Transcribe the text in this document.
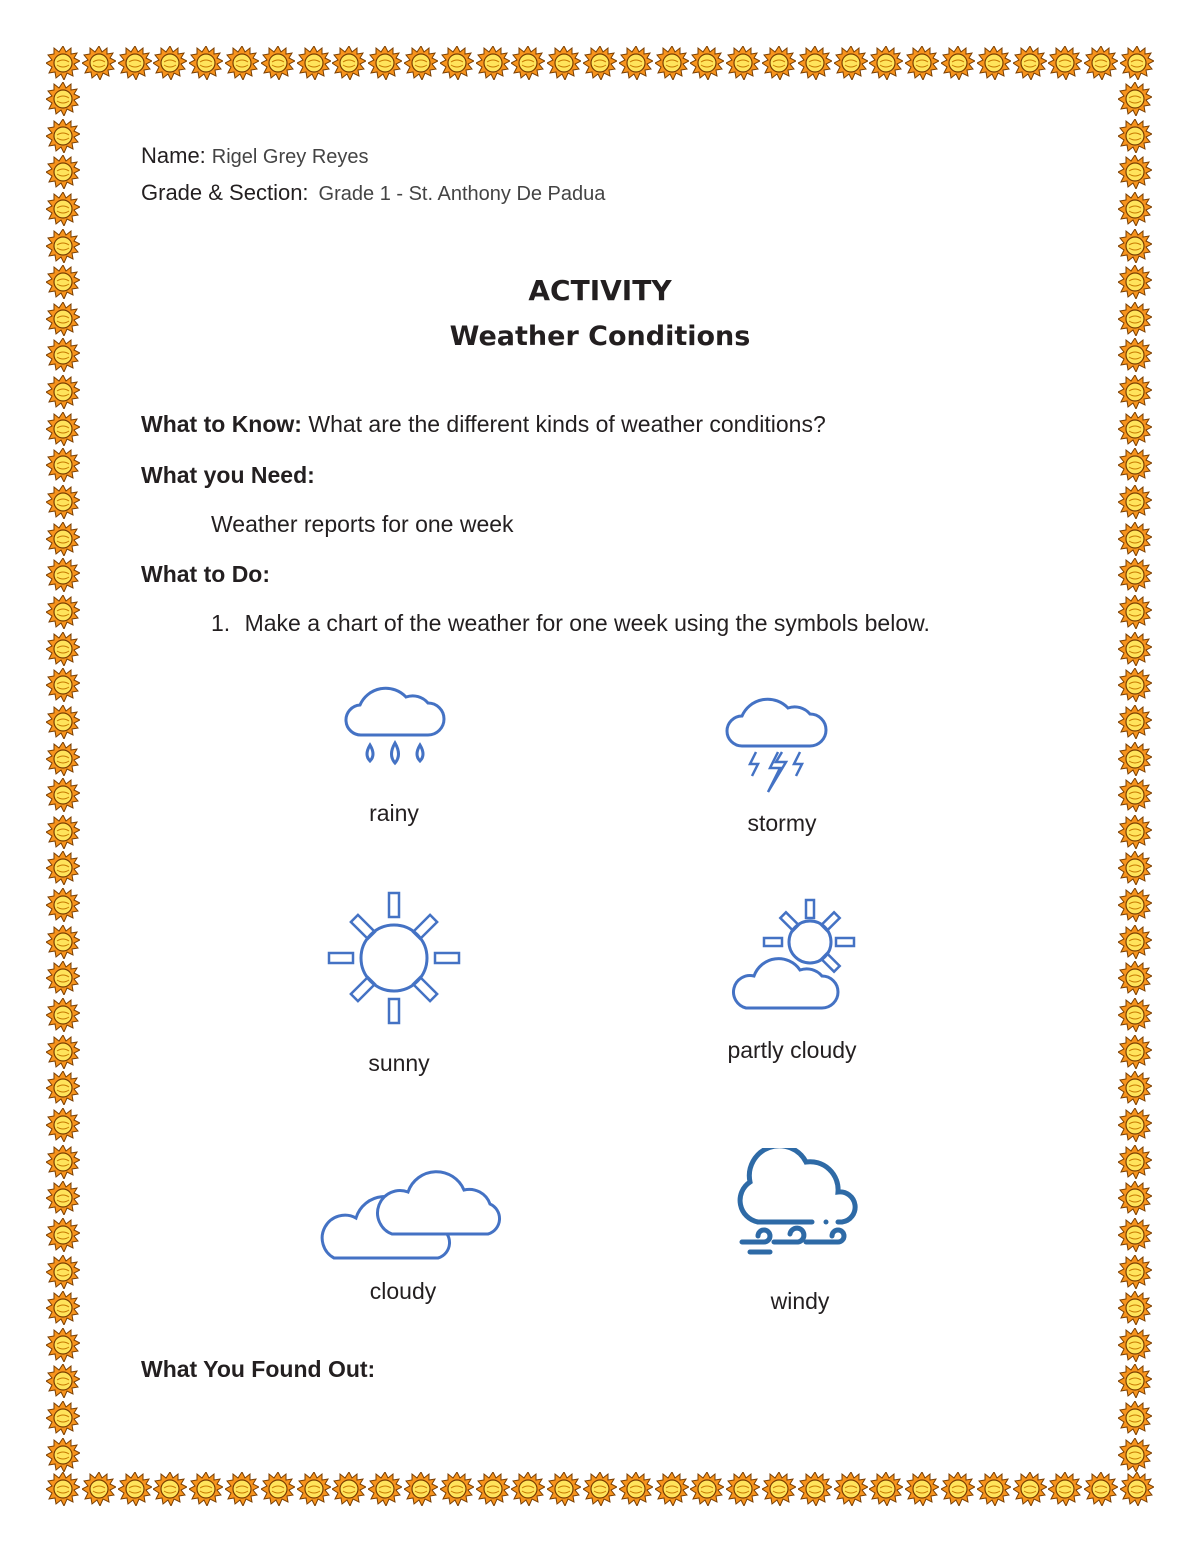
Name: Rigel Grey Reyes
Grade & Section: Grade 1 - St. Anthony De Padua
ACTIVITY
Weather Conditions
What to Know: What are the different kinds of weather conditions?
What you Need:
Weather reports for one week
What to Do:
1. Make a chart of the weather for one week using the symbols below.
rainy	stormy
sunny	partly cloudy
cloudy	windy
What You Found Out:
